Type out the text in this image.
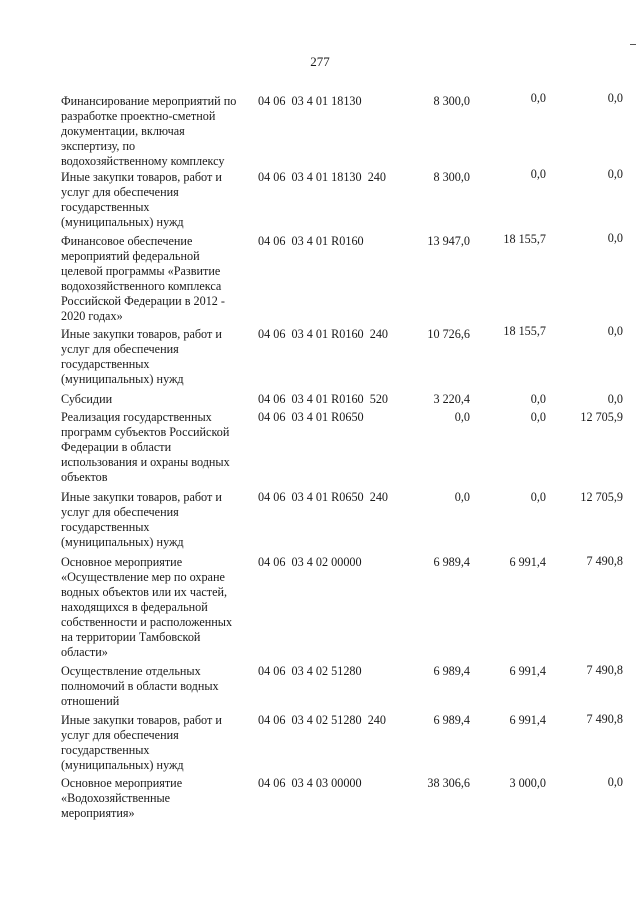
277
Финансирование мероприятий по
разработке проектно-сметной
документации, включая
экспертизу, по
водохозяйственному комплексу
04 06  03 4 01 18130	8 300,0	0,0	0,0
Иные закупки товаров, работ и
услуг для обеспечения
государственных
(муниципальных) нужд
04 06  03 4 01 18130  240	8 300,0	0,0	0,0
Финансовое обеспечение
мероприятий федеральной
целевой программы «Развитие
водохозяйственного комплекса
Российской Федерации в 2012 -
2020 годах»
04 06  03 4 01 R0160	13 947,0	18 155,7	0,0
Иные закупки товаров, работ и
услуг для обеспечения
государственных
(муниципальных) нужд
04 06  03 4 01 R0160  240	10 726,6	18 155,7	0,0
Субсидии	04 06  03 4 01 R0160  520	3 220,4	0,0	0,0
Реализация государственных
программ субъектов Российской
Федерации в области
использования и охраны водных
объектов
04 06  03 4 01 R0650	0,0	0,0	12 705,9
Иные закупки товаров, работ и
услуг для обеспечения
государственных
(муниципальных) нужд
04 06  03 4 01 R0650  240	0,0	0,0	12 705,9
Основное мероприятие
«Осуществление мер по охране
водных объектов или их частей,
находящихся в федеральной
собственности и расположенных
на территории Тамбовской
области»
04 06  03 4 02 00000	6 989,4	6 991,4	7 490,8
Осуществление отдельных
полномочий в области водных
отношений
04 06  03 4 02 51280	6 989,4	6 991,4	7 490,8
Иные закупки товаров, работ и
услуг для обеспечения
государственных
(муниципальных) нужд
04 06  03 4 02 51280  240	6 989,4	6 991,4	7 490,8
Основное мероприятие
«Водохозяйственные
мероприятия»
04 06  03 4 03 00000	38 306,6	3 000,0	0,0
